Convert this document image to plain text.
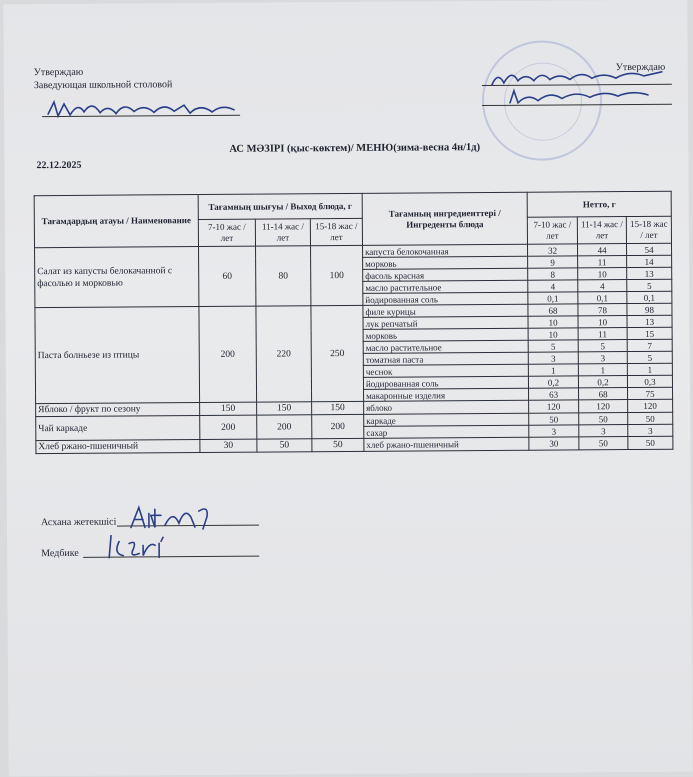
Утверждаю
Заведующая школьной столовой
Утверждаю
АС МӘЗІРІ (қыс-көктем)/ МЕНЮ(зима-весна 4н/1д)
22.12.2025
Тағамдардың атауы / Наименование	Тағамның шығуы / Выход блюда, г			Тағамның ингредиенттері / Ингреденты блюда	Нетто, г		
	7-10 жас / лет	11-14 жас / лет	15-18 жас / лет		7-10 жас / лет	11-14 жас / лет	15-18 жас / лет
Салат из капусты белокачанной с фасолью и морковью	60	80	100	капуста белокочанная	32	44	54
				морковь	9	11	14
				фасоль красная	8	10	13
				масло растительное	4	4	5
				йодированная соль	0,1	0,1	0,1
Паста болньезе из птицы	200	220	250	филе курицы	68	78	98
				лук репчатый	10	10	13
				морковь	10	11	15
				масло растительное	5	5	7
				томатная паста	3	3	5
				чеснок	1	1	1
				йодированная соль	0,2	0,2	0,3
				макаронные изделия	63	68	75
Яблоко / фрукт по сезону	150	150	150	яблоко	120	120	120
Чай каркаде	200	200	200	каркаде	50	50	50
				сахар	3	3	3
Хлеб ржано-пшеничный	30	50	50	хлеб ржано-пшеничный	30	50	50
Асхана жетекшісі
Медбике
